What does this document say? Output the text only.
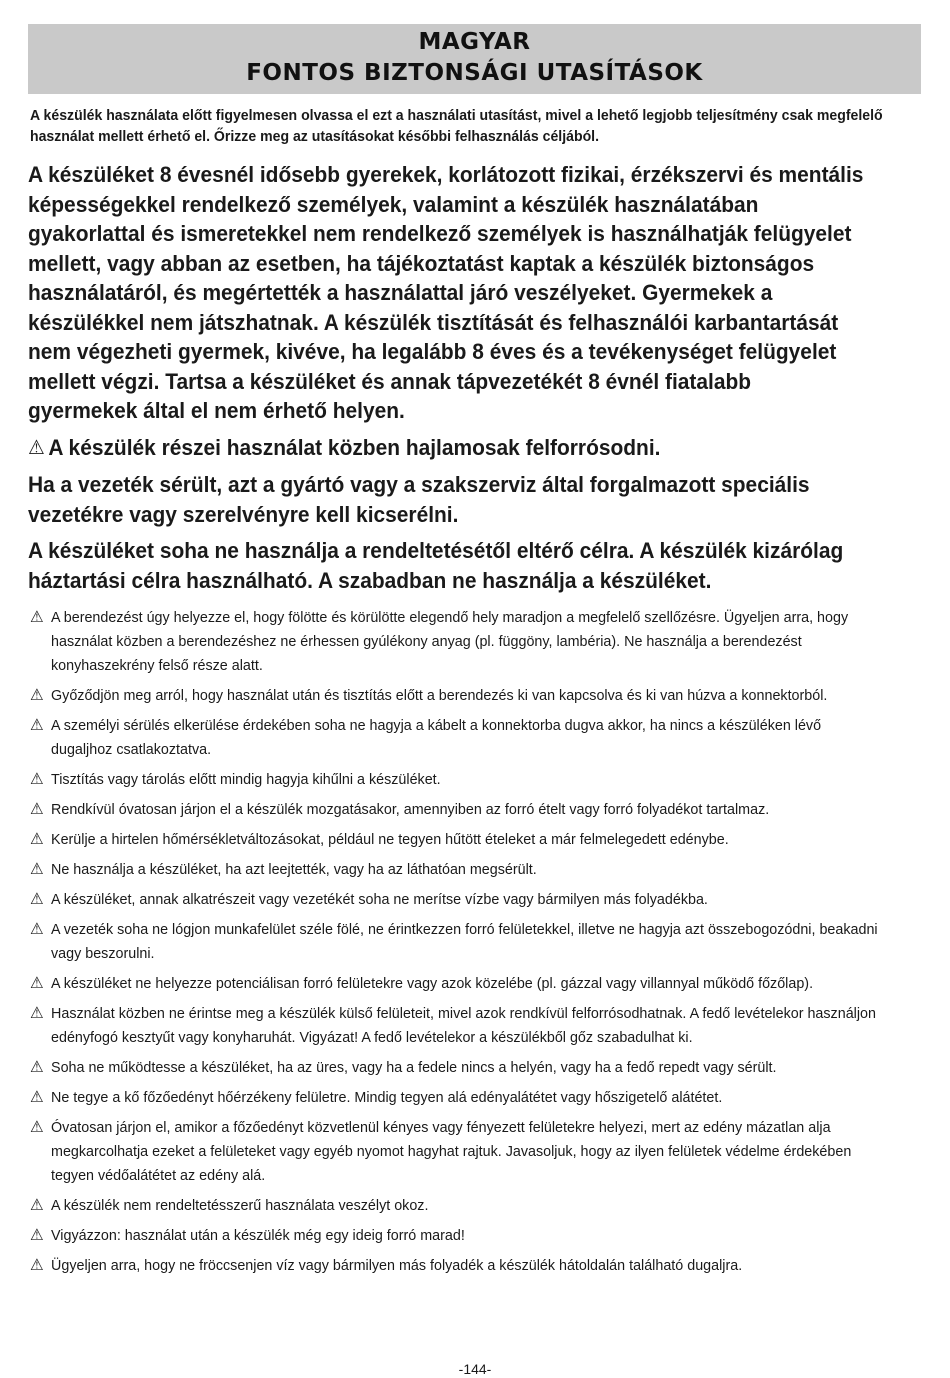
MAGYAR
FONTOS BIZTONSÁGI UTASÍTÁSOK
A készülék használata előtt figyelmesen olvassa el ezt a használati utasítást, mivel a lehető legjobb teljesítmény csak megfelelő használat mellett érhető el. Őrizze meg az utasításokat későbbi felhasználás céljából.
A készüléket 8 évesnél idősebb gyerekek, korlátozott fizikai, érzékszervi és mentális képességekkel rendelkező személyek, valamint a készülék használatában gyakorlattal és ismeretekkel nem rendelkező személyek is használhatják felügyelet mellett, vagy abban az esetben, ha tájékoztatást kaptak a készülék biztonságos használatáról, és megértették a használattal járó veszélyeket. Gyermekek a készülékkel nem játszhatnak. A készülék tisztítását és felhasználói karbantartását nem végezheti gyermek, kivéve, ha legalább 8 éves és a tevékenységet felügyelet mellett végzi. Tartsa a készüléket és annak tápvezetékét 8 évnél fiatalabb gyermekek által el nem érhető helyen.
⚠ A készülék részei használat közben hajlamosak felforrósodni.
Ha a vezeték sérült, azt a gyártó vagy a szakszerviz által forgalmazott speciális vezetékre vagy szerelvényre kell kicserélni.
A készüléket soha ne használja a rendeltetésétől eltérő célra. A készülék kizárólag háztartási célra használható. A szabadban ne használja a készüléket.
⚠ A berendezést úgy helyezze el, hogy fölötte és körülötte elegendő hely maradjon a megfelelő szellőzésre. Ügyeljen arra, hogy használat közben a berendezéshez ne érhessen gyúlékony anyag (pl. függöny, lambéria). Ne használja a berendezést konyhaszekrény felső része alatt.
⚠ Győződjön meg arról, hogy használat után és tisztítás előtt a berendezés ki van kapcsolva és ki van húzva a konnektorból.
⚠ A személyi sérülés elkerülése érdekében soha ne hagyja a kábelt a konnektorba dugva akkor, ha nincs a készüléken lévő dugaljhoz csatlakoztatva.
⚠ Tisztítás vagy tárolás előtt mindig hagyja kihűlni a készüléket.
⚠ Rendkívül óvatosan járjon el a készülék mozgatásakor, amennyiben az forró ételt vagy forró folyadékot tartalmaz.
⚠ Kerülje a hirtelen hőmérsékletváltozásokat, például ne tegyen hűtött ételeket a már felmelegedett edénybe.
⚠ Ne használja a készüléket, ha azt leejtették, vagy ha az láthatóan megsérült.
⚠ A készüléket, annak alkatrészeit vagy vezetékét soha ne merítse vízbe vagy bármilyen más folyadékba.
⚠ A vezeték soha ne lógjon munkafelület széle fölé, ne érintkezzen forró felületekkel, illetve ne hagyja azt összebogozódni, beakadni vagy beszorulni.
⚠ A készüléket ne helyezze potenciálisan forró felületekre vagy azok közelébe (pl. gázzal vagy villannyal működő főzőlap).
⚠ Használat közben ne érintse meg a készülék külső felületeit, mivel azok rendkívül felforrósodhatnak. A fedő levételekor használjon edényfogó kesztyűt vagy konyharuhát. Vigyázat! A fedő levételekor a készülékből gőz szabadulhat ki.
⚠ Soha ne működtesse a készüléket, ha az üres, vagy ha a fedele nincs a helyén, vagy ha a fedő repedt vagy sérült.
⚠ Ne tegye a kő főzőedényt hőérzékeny felületre. Mindig tegyen alá edényalátétet vagy hőszigetelő alátétet.
⚠ Óvatosan járjon el, amikor a főzőedényt közvetlenül kényes vagy fényezett felületekre helyezi, mert az edény mázatlan alja megkarcolhatja ezeket a felületeket vagy egyéb nyomot hagyhat rajtuk. Javasoljuk, hogy az ilyen felületek védelme érdekében tegyen védőalátétet az edény alá.
⚠ A készülék nem rendeltetésszerű használata veszélyt okoz.
⚠ Vigyázzon: használat után a készülék még egy ideig forró marad!
⚠ Ügyeljen arra, hogy ne fröccsenjen víz vagy bármilyen más folyadék a készülék hátoldalán található dugaljra.
-144-
